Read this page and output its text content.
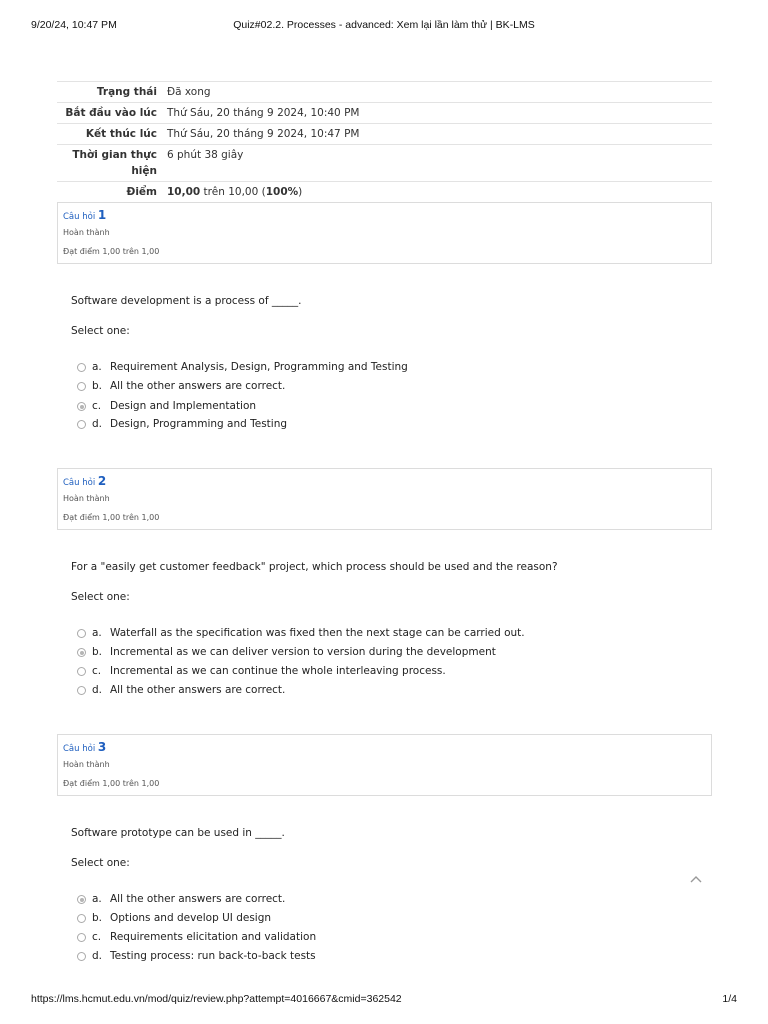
9/20/24, 10:47 PM	Quiz#02.2. Processes - advanced: Xem lại lần làm thử | BK-LMS
Trạng thái	Đã xong
Bắt đầu vào lúc	Thứ Sáu, 20 tháng 9 2024, 10:40 PM
Kết thúc lúc	Thứ Sáu, 20 tháng 9 2024, 10:47 PM
Thời gian thực hiện	6 phút 38 giây
Điểm	10,00 trên 10,00 (100%)
Câu hỏi 1
Hoàn thành
Đạt điểm 1,00 trên 1,00
Software development is a process of _____.
Select one:
a. Requirement Analysis, Design, Programming and Testing
b. All the other answers are correct.
c. Design and Implementation
d. Design, Programming and Testing
Câu hỏi 2
Hoàn thành
Đạt điểm 1,00 trên 1,00
For a "easily get customer feedback" project, which process should be used and the reason?
Select one:
a. Waterfall as the specification was fixed then the next stage can be carried out.
b. Incremental as we can deliver version to version during the development
c. Incremental as we can continue the whole interleaving process.
d. All the other answers are correct.
Câu hỏi 3
Hoàn thành
Đạt điểm 1,00 trên 1,00
Software prototype can be used in _____.
Select one:
a. All the other answers are correct.
b. Options and develop UI design
c. Requirements elicitation and validation
d. Testing process: run back-to-back tests
https://lms.hcmut.edu.vn/mod/quiz/review.php?attempt=4016667&cmid=362542	1/4
